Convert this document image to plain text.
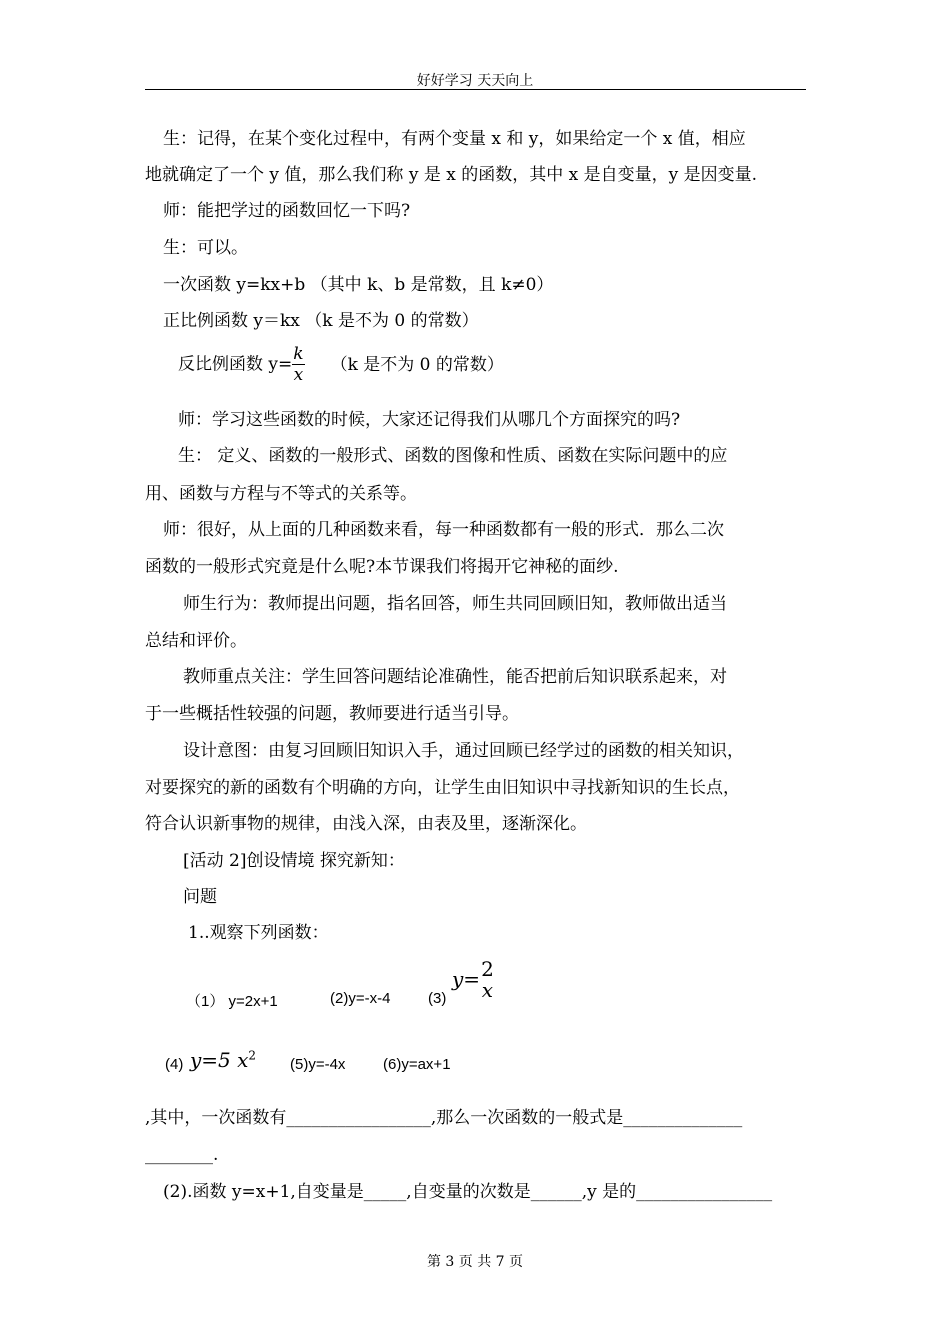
好好学习 天天向上
生：记得，在某个变化过程中，有两个变量 x 和 y，如果给定一个 x 值，相应
地就确定了一个 y 值，那么我们称 y 是 x 的函数，其中 x 是自变量，y 是因变量.
师：能把学过的函数回忆一下吗?
生：可以。
一次函数 y=kx+b （其中 k、b 是常数，且 k≠0）
正比例函数 y＝kx （k 是不为 0 的常数）
反比例函数 $y= \frac{k}{x} (k$ 是不为 0 的常数）
师：学习这些函数的时候，大家还记得我们从哪几个方面探究的吗?
生： 定义、函数的一般形式、函数的图像和性质、函数在实际问题中的应
用、函数与方程与不等式的关系等。
师：很好，从上面的几种函数来看，每一种函数都有一般的形式．那么二次
函数的一般形式究竟是什么呢?本节课我们将揭开它神秘的面纱.
师生行为：教师提出问题，指名回答，师生共同回顾旧知，教师做出适当
总结和评价。
教师重点关注：学生回答问题结论准确性，能否把前后知识联系起来，对
于一些概括性较强的问题，教师要进行适当引导。
设计意图：由复习回顾旧知识入手，通过回顾已经学过的函数的相关知识，
对要探究的新的函数有个明确的方向，让学生由旧知识中寻找新知识的生长点，
符合认识新事物的规律，由浅入深，由表及里，逐渐深化。
[活动 2]创设情境 探究新知：
问题
1..观察下列函数：
（1） y=2x+1	(2)y=-x-4	(3)
y= 2
x
(4) y=5 $x^2$
(5)y=-4x	(6)y=ax+1
,其中，一次函数有_________________,那么一次函数的一般式是______________
________.
(2).函数 y=x+1,自变量是_____,自变量的次数是______,y 是的________________
第 3 页 共 7 页
